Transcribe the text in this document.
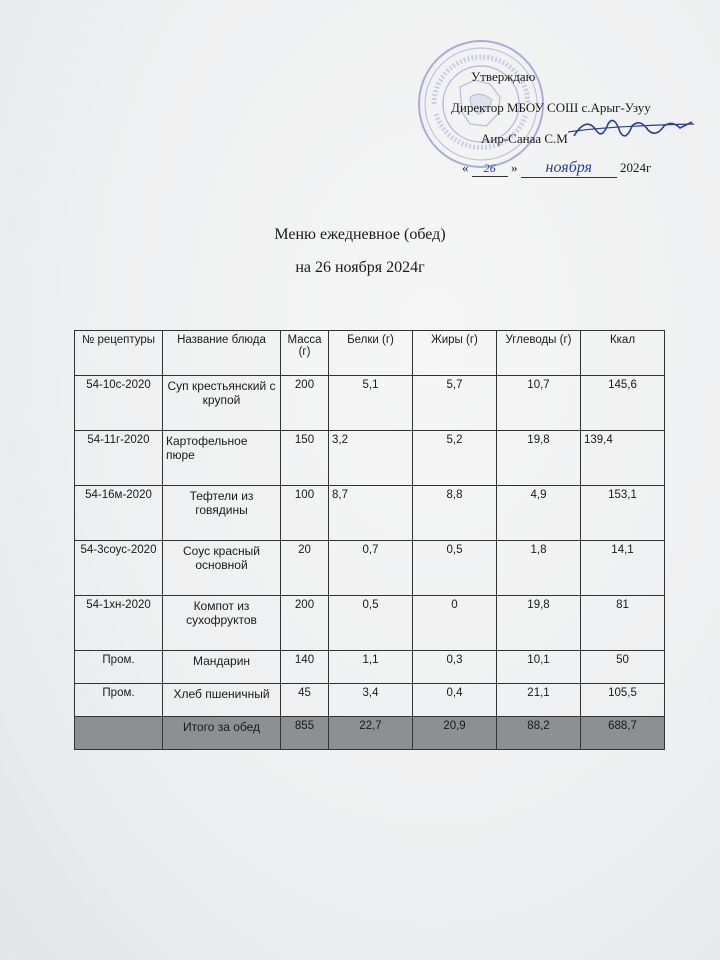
Утверждаю
Директор МБОУ СОШ с.Арыг-Узуу
Аир-Санаа С.М
« 26 » ноября 2024г
Меню ежедневное (обед)
на 26 ноября 2024г
№ рецептуры	Название блюда	Масса (г)	Белки (г)	Жиры (г)	Углеводы (г)	Ккал
54-10с-2020	Суп крестьянский с крупой	200	5,1	5,7	10,7	145,6
54-11г-2020	Картофельное пюре	150	3,2	5,2	19,8	139,4
54-16м-2020	Тефтели из говядины	100	8,7	8,8	4,9	153,1
54-3соус-2020	Соус красный основной	20	0,7	0,5	1,8	14,1
54-1хн-2020	Компот из сухофруктов	200	0,5	0	19,8	81
Пром.	Мандарин	140	1,1	0,3	10,1	50
Пром.	Хлеб пшеничный	45	3,4	0,4	21,1	105,5
	Итого за обед	855	22,7	20,9	88,2	688,7
